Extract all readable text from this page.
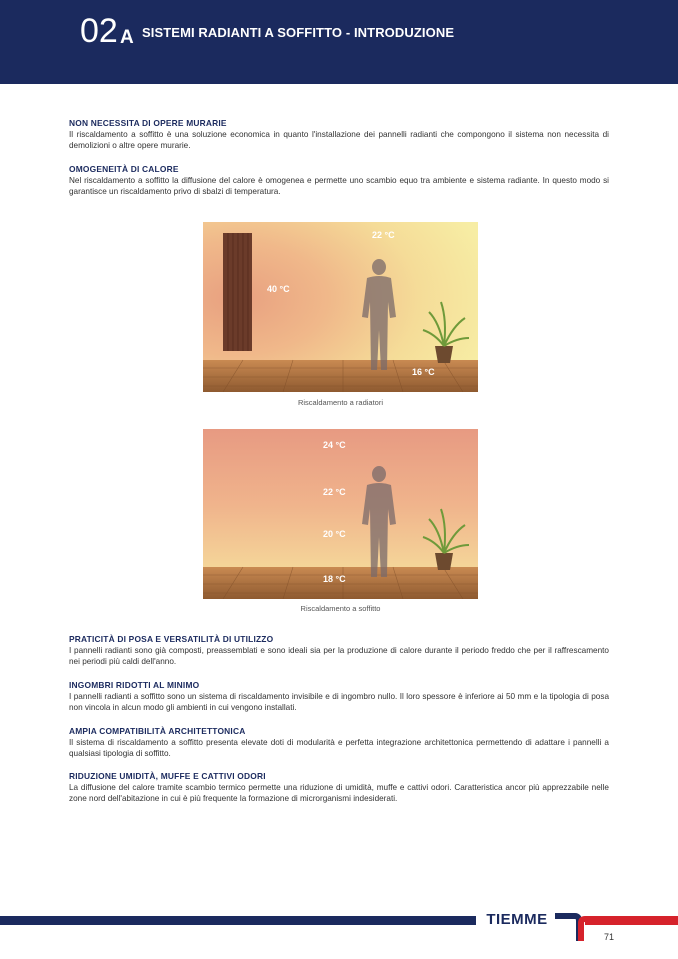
02 A SISTEMI RADIANTI A SOFFITTO - INTRODUZIONE
NON NECESSITA DI OPERE MURARIE

Il riscaldamento a soffitto è una soluzione economica in quanto l'installazione dei pannelli radianti che compongono il sistema non necessita di demolizioni o altre opere murarie.

OMOGENEITÀ DI CALORE

Nel riscaldamento a soffitto la diffusione del calore è omogenea e permette uno scambio equo tra ambiente e sistema radiante. In questo modo si garantisce un riscaldamento privo di sbalzi di temperatura.

22 °C
40 °C
16 °C
Riscaldamento a radiatori
24 °C
22 °C
20 °C
18 °C
Riscaldamento a soffitto
PRATICITÀ DI POSA E VERSATILITÀ DI UTILIZZO

I pannelli radianti sono già composti, preassemblati e sono ideali sia per la produzione di calore durante il periodo freddo che per il raffrescamento nei periodi più caldi dell'anno.

INGOMBRI RIDOTTI AL MINIMO

I pannelli radianti a soffitto sono un sistema di riscaldamento invisibile e di ingombro nullo. Il loro spessore è inferiore ai 50 mm e la tipologia di posa non vincola in alcun modo gli ambienti in cui vengono installati.

AMPIA COMPATIBILITÀ ARCHITETTONICA

Il sistema di riscaldamento a soffitto presenta elevate doti di modularità e perfetta integrazione architettonica permettendo di adattare i pannelli a qualsiasi tipologia di soffitto.

RIDUZIONE UMIDITÀ, MUFFE E CATTIVI ODORI

La diffusione del calore tramite scambio termico permette una riduzione di umidità, muffe e cattivi odori. Caratteristica ancor più apprezzabile nelle zone nord dell'abitazione in cui è più frequente la formazione di microrganismi indesiderati.

TIEMME
71
